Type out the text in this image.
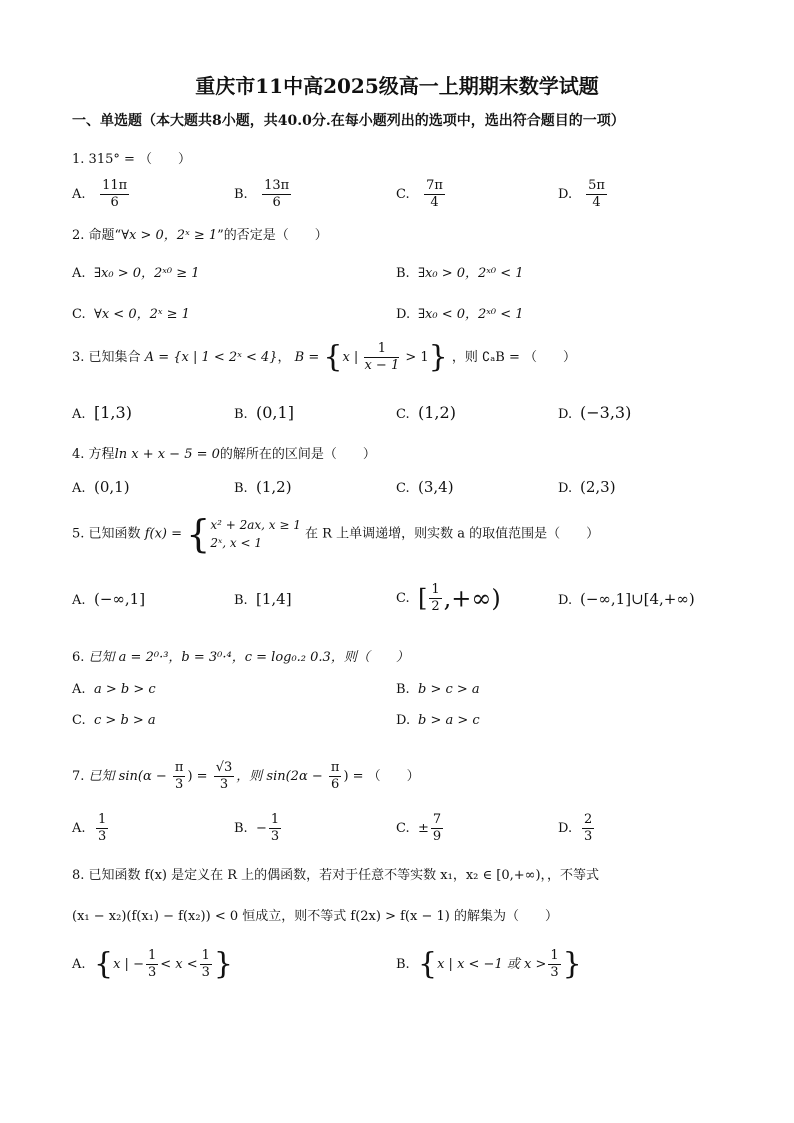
重庆市11中高2025级高一上期期末数学试题
一、单选题（本大题共8小题，共40.0分.在每小题列出的选项中，选出符合题目的一项）
1. 315° = （　　）
A. $\frac{11\pi}{6}$	B. $\frac{13\pi}{6}$	C. $\frac{7\pi}{4}$	D. $\frac{5\pi}{4}$
2. 命题“∀x > 0，2ˣ ≥ 1”的否定是（　　）
A. ∃x₀ > 0，2ˣ⁰ ≥ 1	B. ∃x₀ > 0，2ˣ⁰ < 1
C. ∀x < 0，2ˣ ≥ 1	D. ∃x₀ < 0，2ˣ⁰ < 1
3. 已知集合 A = {x | 1 < 2ˣ < 4}， B = {x | $\frac{1}{x - 1} > 1$} ，则 ∁ₐB = （　　）
A. [1,3)	B. (0,1]	C. (1,2)	D. (−3,3)
4. 方程ln x + x − 5 = 0的解所在的区间是（　　）
A. (0,1)	B. (1,2)	C. (3,4)	D. (2,3)
5. 已知函数 f(x) = { x² + 2ax, x ≥ 1
2ˣ, x < 1
在 R 上单调递增，则实数 a 的取值范围是（　　）
A. (−∞,1]	B. [1,4]	C. [ $\frac{1}{2}$ ,+∞)	D. (−∞,1]∪[4,+∞)
6. 已知 a = 2⁰·³，b = 3⁰·⁴，c = log₀.₂ 0.3，则（　　）
A. a > b > c	B. b > c > a
C. c > b > a	D. b > a > c
7. 已知 $\sin(\alpha - \frac{\pi}{3}$ ) = $\frac{√3}{3}$ ，则 $\sin(2\alpha - \frac{\pi}{6}$ ) = （　　）
A. $\frac{1}{3}$	B. − $\frac{1}{3}$	C. ± $\frac{7}{9}$	D. $\frac{2}{3}$
8. 已知函数 f(x) 是定义在 R 上的偶函数，若对于任意不等实数 x₁，x₂ ∈ [0,+∞)，，不等式
(x₁ − x₂)(f(x₁) − f(x₂)) < 0 恒成立，则不等式 f(2x) > f(x − 1) 的解集为（　　）
A. {x | − $\frac{1}{3} < x < \frac{1}{3}$ }	B. {x | x < −1 或 $x > \frac{1}{3}$ }
